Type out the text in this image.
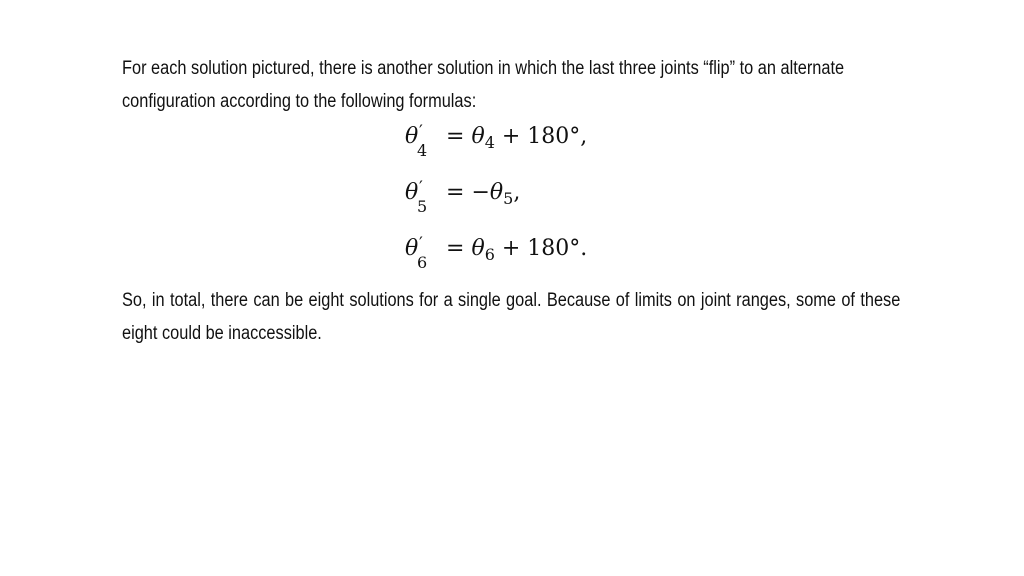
For each solution pictured, there is another solution in which the last three joints “flip” to an alternate configuration according to the following formulas:
θ ′
4
= $\theta_4 + 180^\circ$,
θ ′
5
= $-\theta_5$,
θ ′
6
= $\theta_6 + 180^\circ$.
So, in total, there can be eight solutions for a single goal. Because of limits on joint ranges, some of these eight could be inaccessible.
